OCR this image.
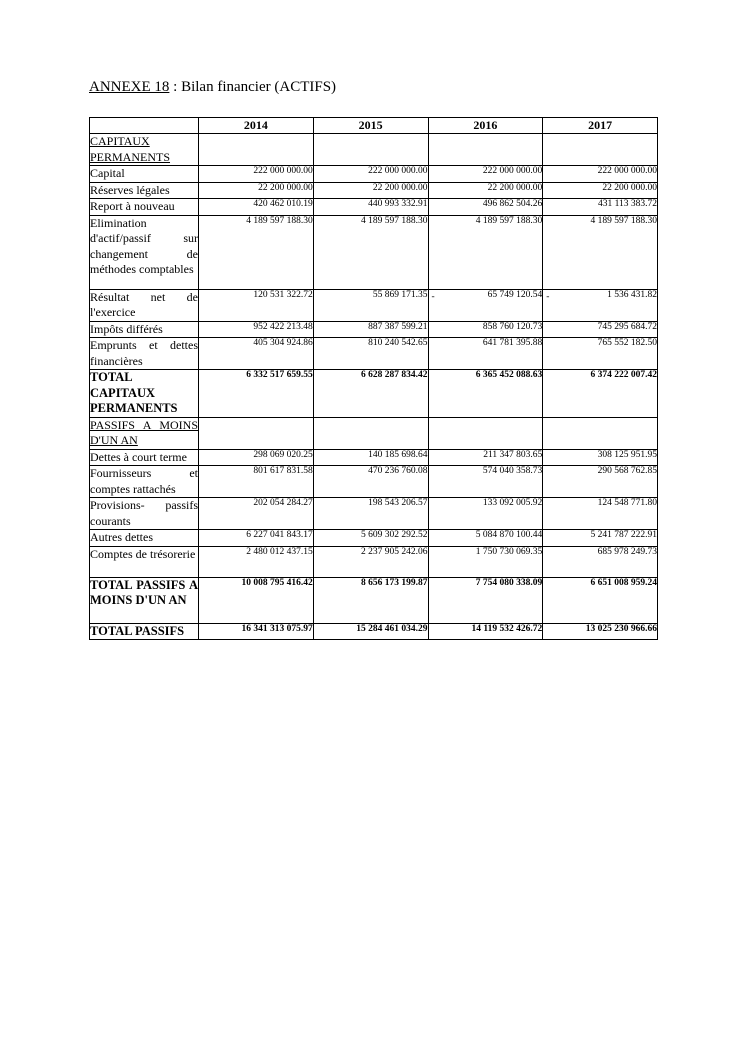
ANNEXE 18 : Bilan financier (ACTIFS)
	2014	2015	2016	2017
CAPITAUX PERMANENTS				
Capital	222 000 000.00	222 000 000.00	222 000 000.00	222 000 000.00
Réserves légales	22 200 000.00	22 200 000.00	22 200 000.00	22 200 000.00
Report à nouveau	420 462 010.19	440 993 332.91	496 862 504.26	431 113 383.72
Elimination d'actif/passif sur changement de méthodes comptables	4 189 597 188.30	4 189 597 188.30	4 189 597 188.30	4 189 597 188.30
Résultat net de l'exercice	120 531 322.72	55 869 171.35	- 65 749 120.54	- 1 536 431.82
Impôts différés	952 422 213.48	887 387 599.21	858 760 120.73	745 295 684.72
Emprunts et dettes financières	405 304 924.86	810 240 542.65	641 781 395.88	765 552 182.50
TOTAL CAPITAUX PERMANENTS	6 332 517 659.55	6 628 287 834.42	6 365 452 088.63	6 374 222 007.42
PASSIFS A MOINS D'UN AN				
Dettes à court terme	298 069 020.25	140 185 698.64	211 347 803.65	308 125 951.95
Fournisseurs et comptes rattachés	801 617 831.58	470 236 760.08	574 040 358.73	290 568 762.85
Provisions- passifs courants	202 054 284.27	198 543 206.57	133 092 005.92	124 548 771.80
Autres dettes	6 227 041 843.17	5 609 302 292.52	5 084 870 100.44	5 241 787 222.91
Comptes de trésorerie	2 480 012 437.15	2 237 905 242.06	1 750 730 069.35	685 978 249.73
TOTAL PASSIFS A MOINS D'UN AN	10 008 795 416.42	8 656 173 199.87	7 754 080 338.09	6 651 008 959.24
TOTAL PASSIFS	16 341 313 075.97	15 284 461 034.29	14 119 532 426.72	13 025 230 966.66
